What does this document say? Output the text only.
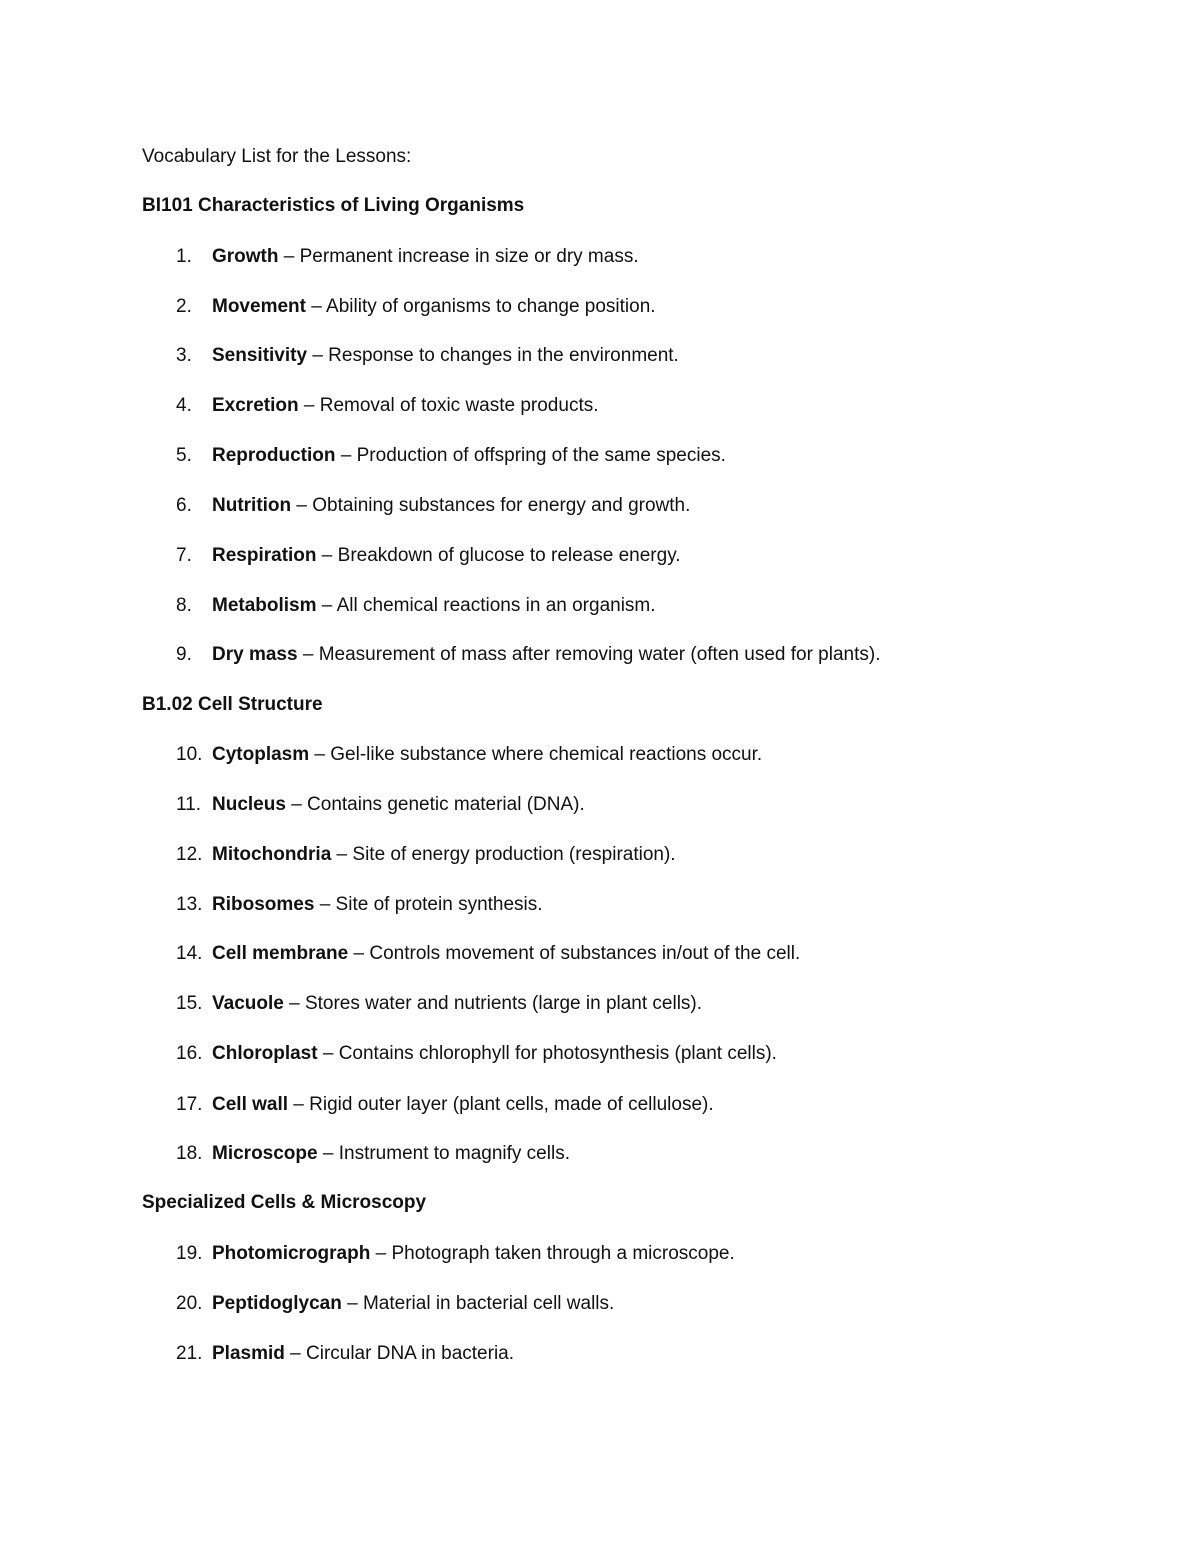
Vocabulary List for the Lessons:
BI101 Characteristics of Living Organisms
1. Growth – Permanent increase in size or dry mass.
2. Movement – Ability of organisms to change position.
3. Sensitivity – Response to changes in the environment.
4. Excretion – Removal of toxic waste products.
5. Reproduction – Production of offspring of the same species.
6. Nutrition – Obtaining substances for energy and growth.
7. Respiration – Breakdown of glucose to release energy.
8. Metabolism – All chemical reactions in an organism.
9. Dry mass – Measurement of mass after removing water (often used for plants).
B1.02 Cell Structure
10. Cytoplasm – Gel-like substance where chemical reactions occur.
11. Nucleus – Contains genetic material (DNA).
12. Mitochondria – Site of energy production (respiration).
13. Ribosomes – Site of protein synthesis.
14. Cell membrane – Controls movement of substances in/out of the cell.
15. Vacuole – Stores water and nutrients (large in plant cells).
16. Chloroplast – Contains chlorophyll for photosynthesis (plant cells).
17. Cell wall – Rigid outer layer (plant cells, made of cellulose).
18. Microscope – Instrument to magnify cells.
Specialized Cells & Microscopy
19. Photomicrograph – Photograph taken through a microscope.
20. Peptidoglycan – Material in bacterial cell walls.
21. Plasmid – Circular DNA in bacteria.
